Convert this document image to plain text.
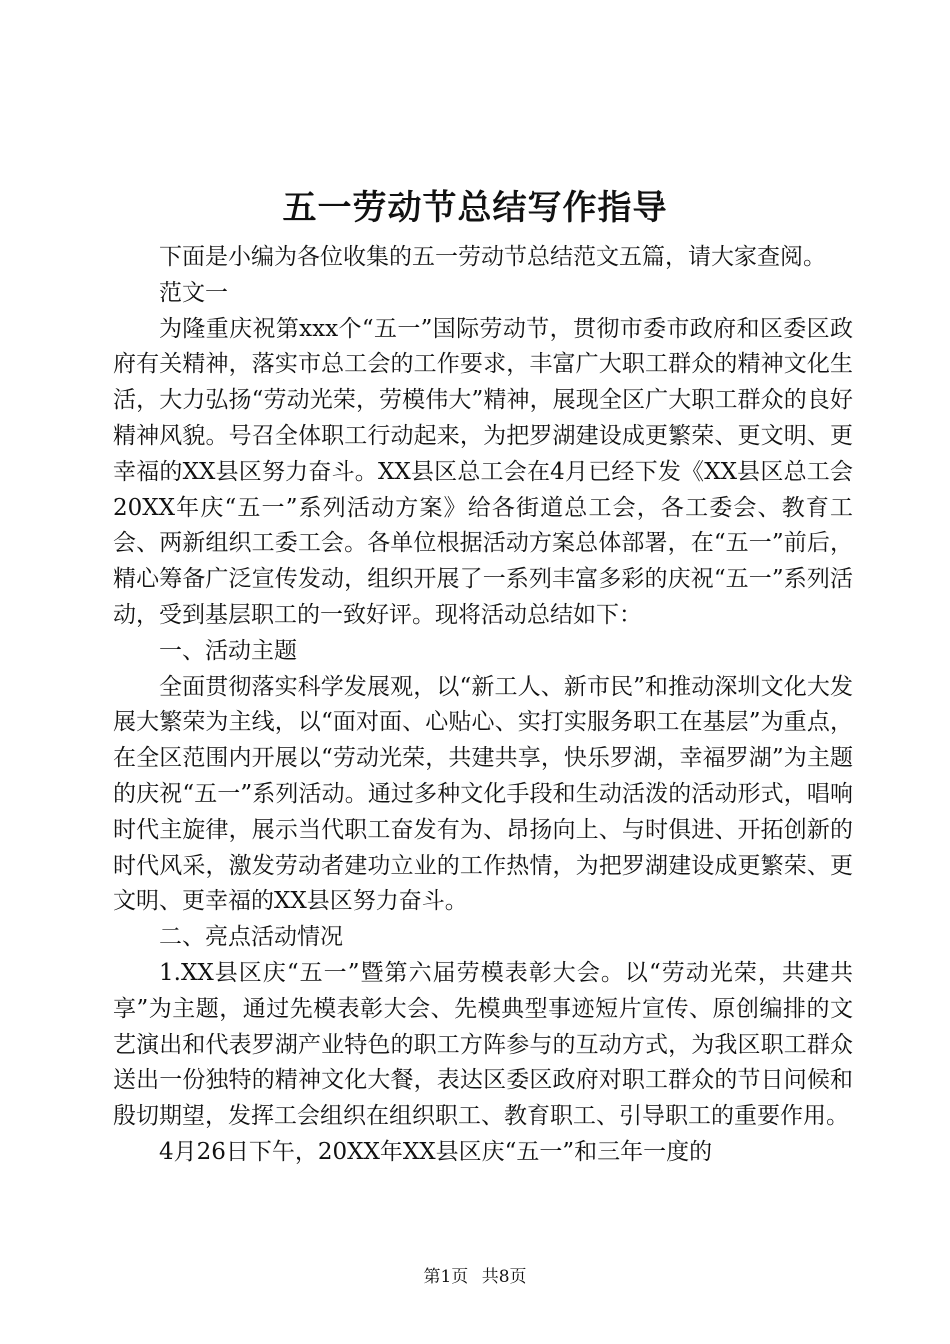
五一劳动节总结写作指导

下面是小编为各位收集的五一劳动节总结范文五篇，请大家查阅。

范文一

为隆重庆祝第xxx个“五一”国际劳动节，贯彻市委市政府和区委区政府有关精神，落实市总工会的工作要求，丰富广大职工群众的精神文化生活，大力弘扬“劳动光荣，劳模伟大”精神，展现全区广大职工群众的良好精神风貌。号召全体职工行动起来，为把罗湖建设成更繁荣、更文明、更幸福的XX县区努力奋斗。XX县区总工会在4月已经下发《XX县区总工会20XX年庆“五一”系列活动方案》给各街道总工会，各工委会、教育工会、两新组织工委工会。各单位根据活动方案总体部署，在“五一”前后，精心筹备广泛宣传发动，组织开展了一系列丰富多彩的庆祝“五一”系列活动，受到基层职工的一致好评。现将活动总结如下：

一、活动主题

全面贯彻落实科学发展观，以“新工人、新市民”和推动深圳文化大发展大繁荣为主线，以“面对面、心贴心、实打实服务职工在基层”为重点，在全区范围内开展以“劳动光荣，共建共享，快乐罗湖，幸福罗湖”为主题的庆祝“五一”系列活动。通过多种文化手段和生动活泼的活动形式，唱响时代主旋律，展示当代职工奋发有为、昂扬向上、与时俱进、开拓创新的时代风采，激发劳动者建功立业的工作热情，为把罗湖建设成更繁荣、更文明、更幸福的XX县区努力奋斗。

二、亮点活动情况

1.XX县区庆“五一”暨第六届劳模表彰大会。以“劳动光荣，共建共享”为主题，通过先模表彰大会、先模典型事迹短片宣传、原创编排的文艺演出和代表罗湖产业特色的职工方阵参与的互动方式，为我区职工群众送出一份独特的精神文化大餐，表达区委区政府对职工群众的节日问候和殷切期望，发挥工会组织在组织职工、教育职工、引导职工的重要作用。

4月26日下午，20XX年XX县区庆“五一”和三年一度的

第1页 共8页
